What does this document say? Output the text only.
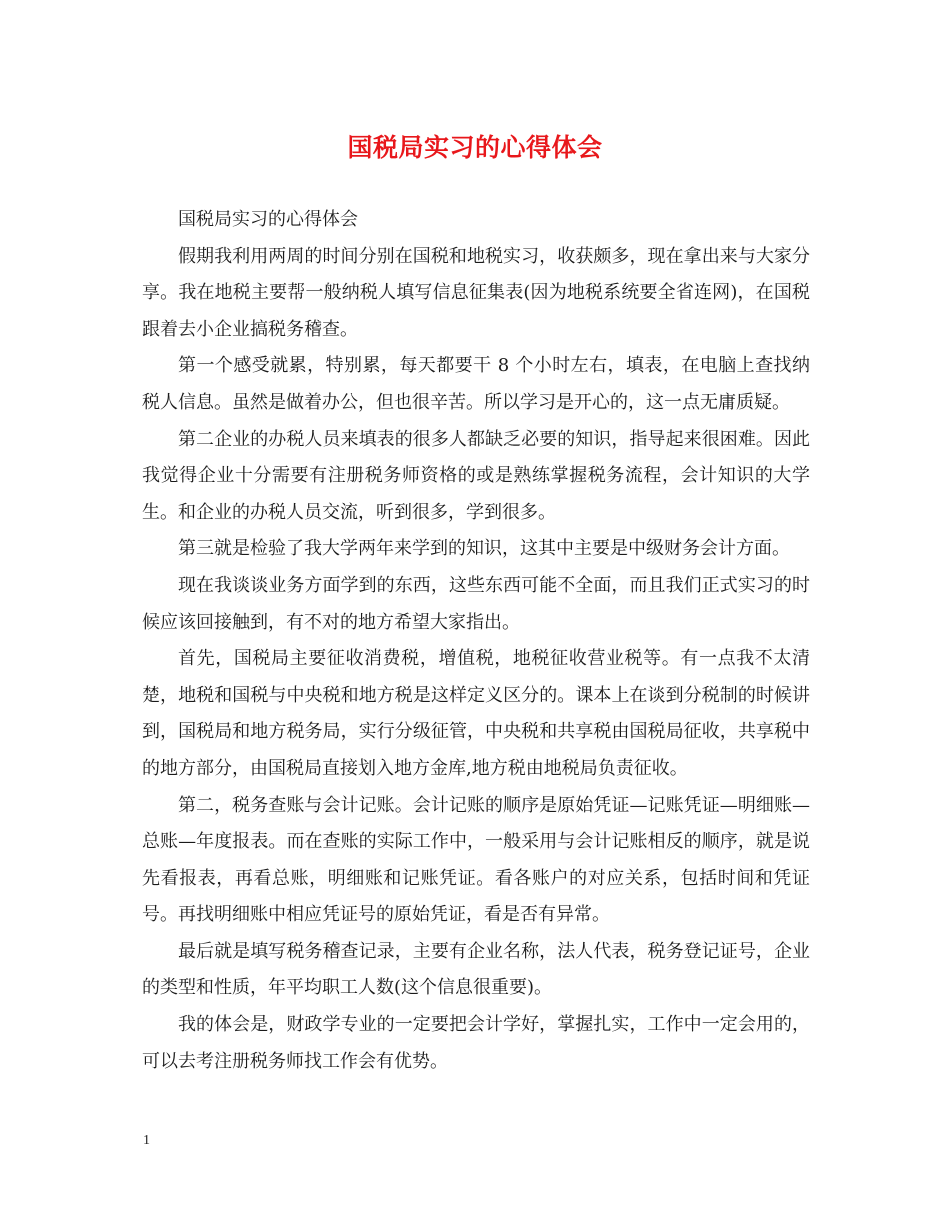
国税局实习的心得体会

国税局实习的心得体会

假期我利用两周的时间分别在国税和地税实习，收获颇多，现在拿出来与大家分享。我在地税主要帮一般纳税人填写信息征集表(因为地税系统要全省连网)，在国税跟着去小企业搞税务稽查。

第一个感受就累，特别累，每天都要干 8 个小时左右，填表，在电脑上查找纳税人信息。虽然是做着办公，但也很辛苦。所以学习是开心的，这一点无庸质疑。

第二企业的办税人员来填表的很多人都缺乏必要的知识，指导起来很困难。因此我觉得企业十分需要有注册税务师资格的或是熟练掌握税务流程，会计知识的大学生。和企业的办税人员交流，听到很多，学到很多。

第三就是检验了我大学两年来学到的知识，这其中主要是中级财务会计方面。

现在我谈谈业务方面学到的东西，这些东西可能不全面，而且我们正式实习的时候应该回接触到，有不对的地方希望大家指出。

首先，国税局主要征收消费税，增值税，地税征收营业税等。有一点我不太清楚，地税和国税与中央税和地方税是这样定义区分的。课本上在谈到分税制的时候讲到，国税局和地方税务局，实行分级征管，中央税和共享税由国税局征收，共享税中的地方部分，由国税局直接划入地方金库,地方税由地税局负责征收。

第二，税务查账与会计记账。会计记账的顺序是原始凭证—记账凭证—明细账—总账—年度报表。而在查账的实际工作中，一般采用与会计记账相反的顺序，就是说先看报表，再看总账，明细账和记账凭证。看各账户的对应关系，包括时间和凭证号。再找明细账中相应凭证号的原始凭证，看是否有异常。

最后就是填写税务稽查记录，主要有企业名称，法人代表，税务登记证号，企业的类型和性质，年平均职工人数(这个信息很重要)。

我的体会是，财政学专业的一定要把会计学好，掌握扎实，工作中一定会用的，可以去考注册税务师找工作会有优势。

1
